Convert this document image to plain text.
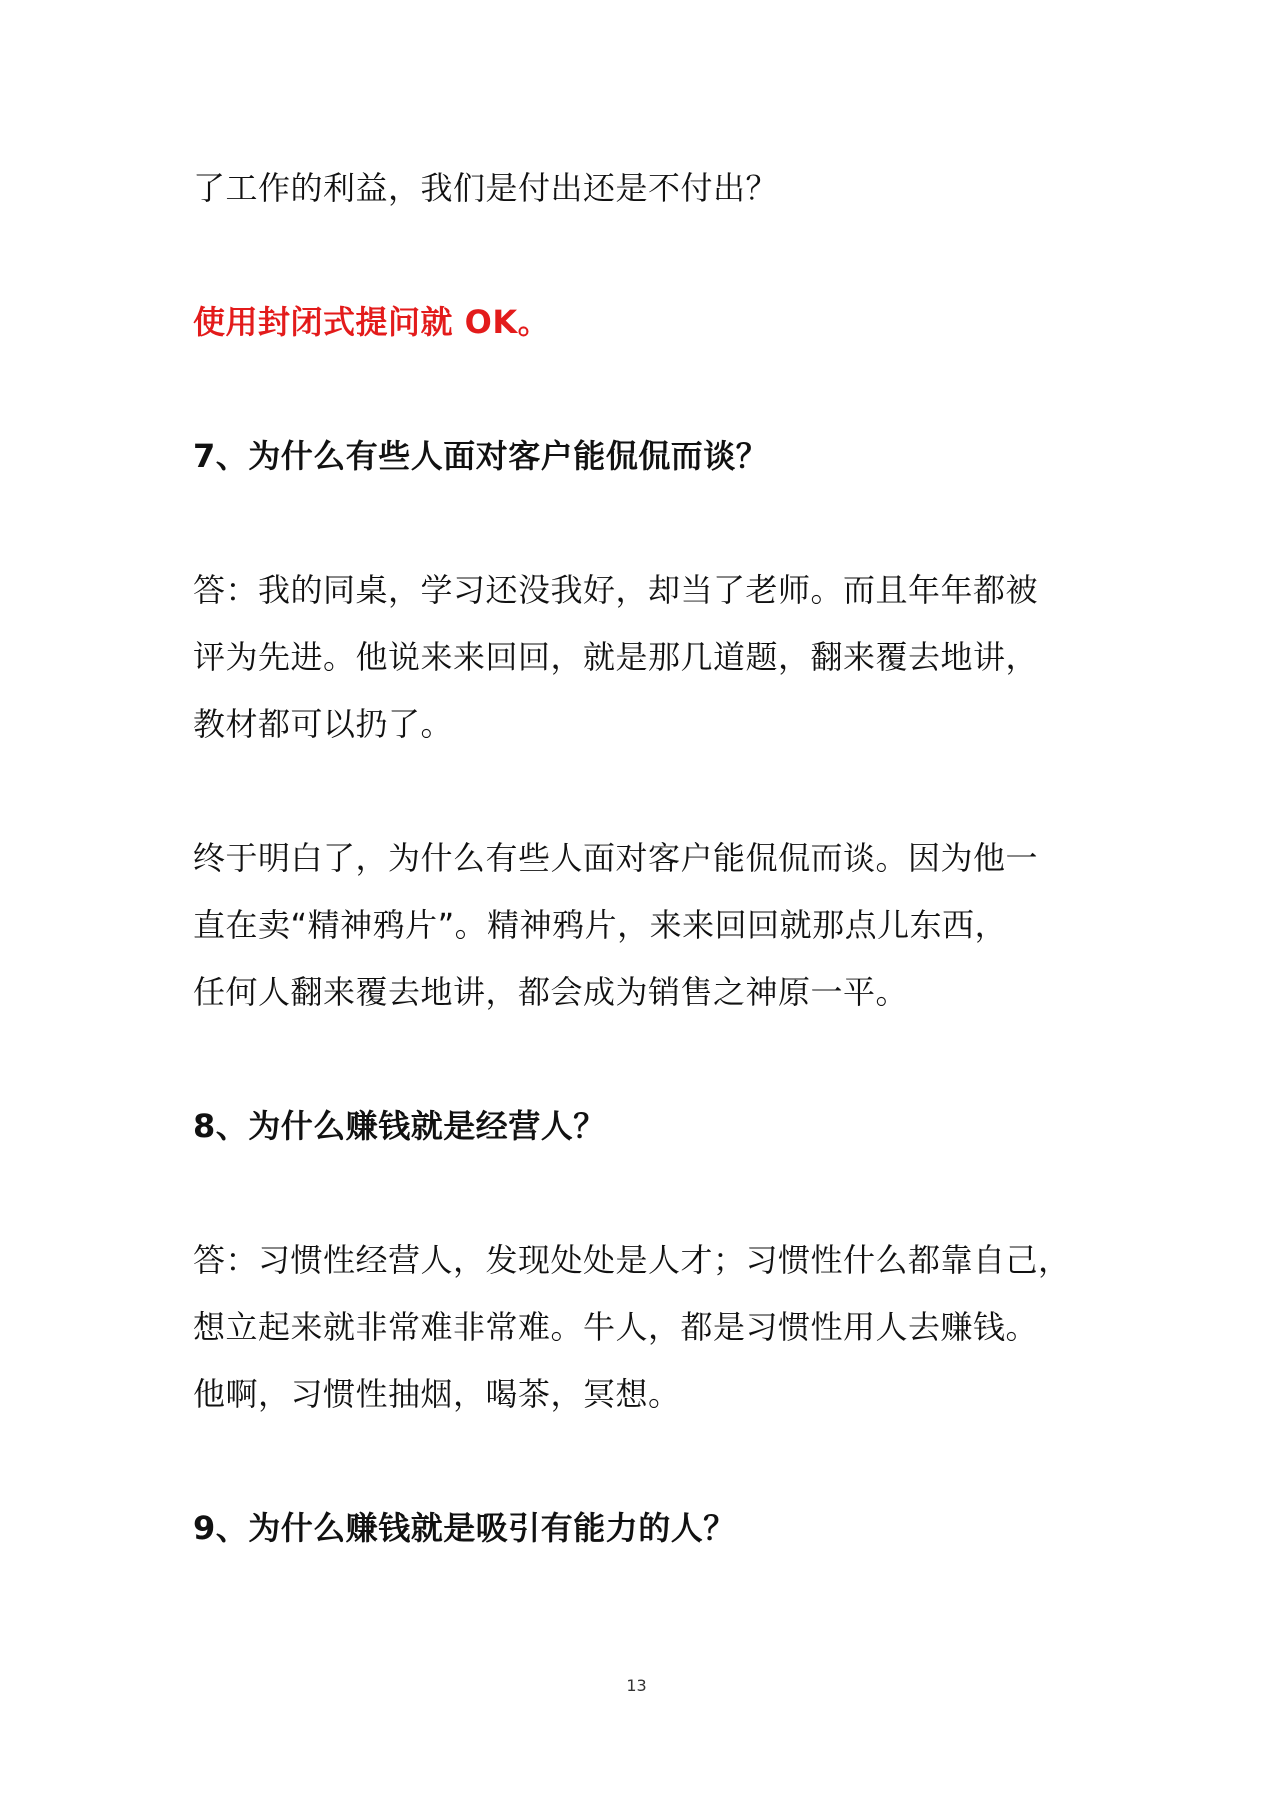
了工作的利益，我们是付出还是不付出？
使用封闭式提问就 OK。
7、为什么有些人面对客户能侃侃而谈？
答：我的同桌，学习还没我好，却当了老师。而且年年都被
评为先进。他说来来回回，就是那几道题，翻来覆去地讲，
教材都可以扔了。
终于明白了，为什么有些人面对客户能侃侃而谈。因为他一
直在卖“精神鸦片”。精神鸦片，来来回回就那点儿东西，
任何人翻来覆去地讲，都会成为销售之神原一平。
8、为什么赚钱就是经营人？
答：习惯性经营人，发现处处是人才；习惯性什么都靠自己，
想立起来就非常难非常难。牛人，都是习惯性用人去赚钱。
他啊，习惯性抽烟，喝茶，冥想。
9、为什么赚钱就是吸引有能力的人？
13
